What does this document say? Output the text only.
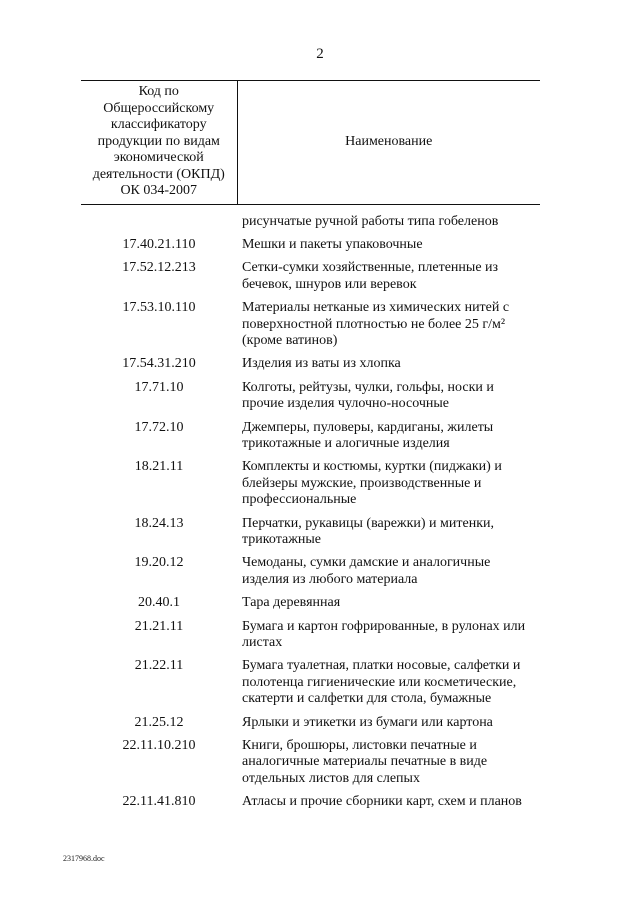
2
Код по Общероссийскому классификатору продукции по видам экономической деятельности (ОКПД) ОК 034-2007	Наименование
	рисунчатые ручной работы типа гобеленов
17.40.21.110	Мешки и пакеты упаковочные
17.52.12.213	Сетки-сумки хозяйственные, плетенные из бечевок, шнуров или веревок
17.53.10.110	Материалы нетканые из химических нитей с поверхностной плотностью не более 25 г/м² (кроме ватинов)
17.54.31.210	Изделия из ваты из хлопка
17.71.10	Колготы, рейтузы, чулки, гольфы, носки и прочие изделия чулочно-носочные
17.72.10	Джемперы, пуловеры, кардиганы, жилеты трикотажные и алогичные изделия
18.21.11	Комплекты и костюмы, куртки (пиджаки) и блейзеры мужские, производственные и профессиональные
18.24.13	Перчатки, рукавицы (варежки) и митенки, трикотажные
19.20.12	Чемоданы, сумки дамские и аналогичные изделия из любого материала
20.40.1	Тара деревянная
21.21.11	Бумага и картон гофрированные, в рулонах или листах
21.22.11	Бумага туалетная, платки носовые, салфетки и полотенца гигиенические или косметические, скатерти и салфетки для стола, бумажные
21.25.12	Ярлыки и этикетки из бумаги или картона
22.11.10.210	Книги, брошюры, листовки печатные и аналогичные материалы печатные в виде отдельных листов для слепых
22.11.41.810	Атласы и прочие сборники карт, схем и планов
2317968.doc
